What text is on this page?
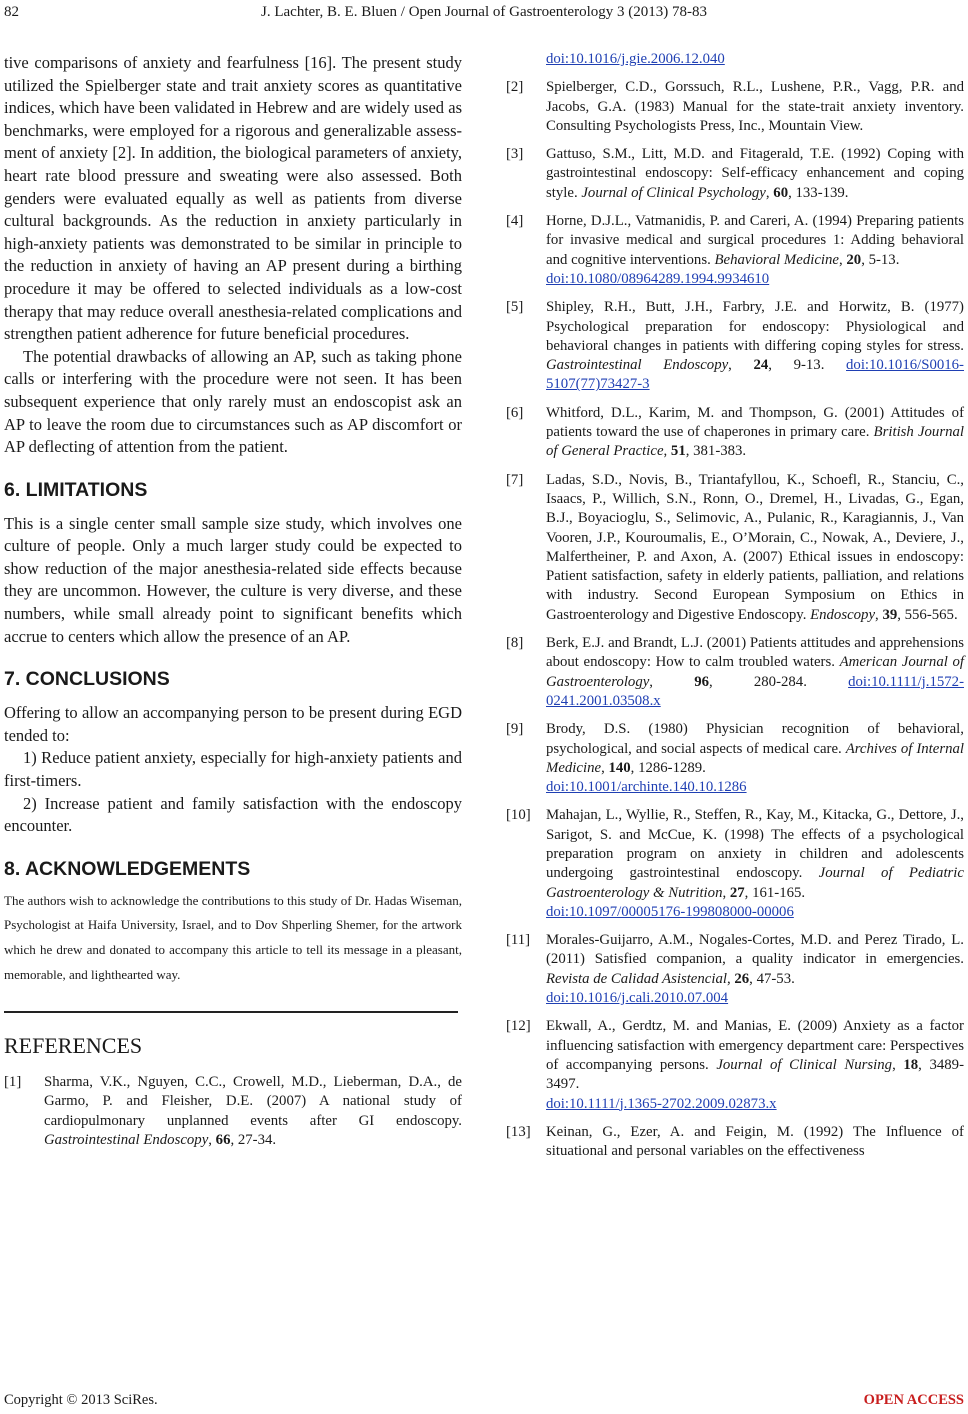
82	J. Lachter, B. E. Bluen / Open Journal of Gastroenterology 3 (2013) 78-83

tive comparisons of anxiety and fearfulness [16]. The present study utilized the Spielberger state and trait anxiety scores as quantitative indices, which have been validated in Hebrew and are widely used as benchmarks, were employed for a rigorous and generalizable assessment of anxiety [2]. In addition, the biological parameters of anxiety, heart rate blood pressure and sweating were also assessed. Both genders were evaluated equally as well as patients from diverse cultural backgrounds. As the reduction in anxiety particularly in high-anxiety patients was demonstrated to be similar in principle to the reduction in anxiety of having an AP present during a birthing procedure it may be offered to selected individuals as a low-cost therapy that may reduce overall anesthesia-related complications and strengthen patient adherence for future beneficial procedures.

The potential drawbacks of allowing an AP, such as taking phone calls or interfering with the procedure were not seen. It has been subsequent experience that only rarely must an endoscopist ask an AP to leave the room due to circumstances such as AP discomfort or AP deflecting of attention from the patient.

6. LIMITATIONS

This is a single center small sample size study, which involves one culture of people. Only a much larger study could be expected to show reduction of the major anesthesia-related side effects because they are uncommon. However, the culture is very diverse, and these numbers, while small already point to significant benefits which accrue to centers which allow the presence of an AP.

7. CONCLUSIONS

Offering to allow an accompanying person to be present during EGD tended to:

1) Reduce patient anxiety, especially for high-anxiety patients and first-timers.

2) Increase patient and family satisfaction with the endoscopy encounter.

8. ACKNOWLEDGEMENTS

The authors wish to acknowledge the contributions to this study of Dr. Hadas Wiseman, Psychologist at Haifa University, Israel, and to Dov Shperling Shemer, for the artwork which he drew and donated to accompany this article to tell its message in a pleasant, memorable, and lighthearted way.

REFERENCES
[1]	Sharma, V.K., Nguyen, C.C., Crowell, M.D., Lieberman, D.A., de Garmo, P. and Fleisher, D.E. (2007) A national study of cardiopulmonary unplanned events after GI endoscopy. Gastrointestinal Endoscopy, 66, 27-34.
doi:10.1016/j.gie.2006.12.040
[2]	Spielberger, C.D., Gorssuch, R.L., Lushene, P.R., Vagg, P.R. and Jacobs, G.A. (1983) Manual for the state-trait anxiety inventory. Consulting Psychologists Press, Inc., Mountain View.
[3]	Gattuso, S.M., Litt, M.D. and Fitagerald, T.E. (1992) Coping with gastrointestinal endoscopy: Self-efficacy enhancement and coping style. Journal of Clinical Psychology, 60, 133-139.
[4]	Horne, D.J.L., Vatmanidis, P. and Careri, A. (1994) Preparing patients for invasive medical and surgical procedures 1: Adding behavioral and cognitive interventions. Behavioral Medicine, 20, 5-13.
doi:10.1080/08964289.1994.9934610
[5]	Shipley, R.H., Butt, J.H., Farbry, J.E. and Horwitz, B. (1977) Psychological preparation for endoscopy: Physiological and behavioral changes in patients with differing coping styles for stress. Gastrointestinal Endoscopy, 24, 9-13. doi:10.1016/S0016-5107(77)73427-3
[6]	Whitford, D.L., Karim, M. and Thompson, G. (2001) Attitudes of patients toward the use of chaperones in primary care. British Journal of General Practice, 51, 381-383.
[7]	Ladas, S.D., Novis, B., Triantafyllou, K., Schoefl, R., Stanciu, C., Isaacs, P., Willich, S.N., Ronn, O., Dremel, H., Livadas, G., Egan, B.J., Boyacioglu, S., Selimovic, A., Pulanic, R., Karagiannis, J., Van Vooren, J.P., Kouroumalis, E., O’Morain, C., Nowak, A., Deviere, J., Malfertheiner, P. and Axon, A. (2007) Ethical issues in endoscopy: Patient satisfaction, safety in elderly patients, palliation, and relations with industry. Second European Symposium on Ethics in Gastroenterology and Digestive Endoscopy. Endoscopy, 39, 556-565.
[8]	Berk, E.J. and Brandt, L.J. (2001) Patients attitudes and apprehensions about endoscopy: How to calm troubled waters. American Journal of Gastroenterology, 96, 280-284. doi:10.1111/j.1572-0241.2001.03508.x
[9]	Brody, D.S. (1980) Physician recognition of behavioral, psychological, and social aspects of medical care. Archives of Internal Medicine, 140, 1286-1289.
doi:10.1001/archinte.140.10.1286
[10]	Mahajan, L., Wyllie, R., Steffen, R., Kay, M., Kitacka, G., Dettore, J., Sarigot, S. and McCue, K. (1998) The effects of a psychological preparation program on anxiety in children and adolescents undergoing gastrointestinal endoscopy. Journal of Pediatric Gastroenterology & Nutrition, 27, 161-165.
doi:10.1097/00005176-199808000-00006
[11]	Morales-Guijarro, A.M., Nogales-Cortes, M.D. and Perez Tirado, L. (2011) Satisfied companion, a quality indicator in emergencies. Revista de Calidad Asistencial, 26, 47-53.
doi:10.1016/j.cali.2010.07.004
[12]	Ekwall, A., Gerdtz, M. and Manias, E. (2009) Anxiety as a factor influencing satisfaction with emergency department care: Perspectives of accompanying persons. Journal of Clinical Nursing, 18, 3489-3497.
doi:10.1111/j.1365-2702.2009.02873.x
[13]	Keinan, G., Ezer, A. and Feigin, M. (1992) The Influence of situational and personal variables on the effectiveness
Copyright © 2013 SciRes.	OPEN ACCESS
